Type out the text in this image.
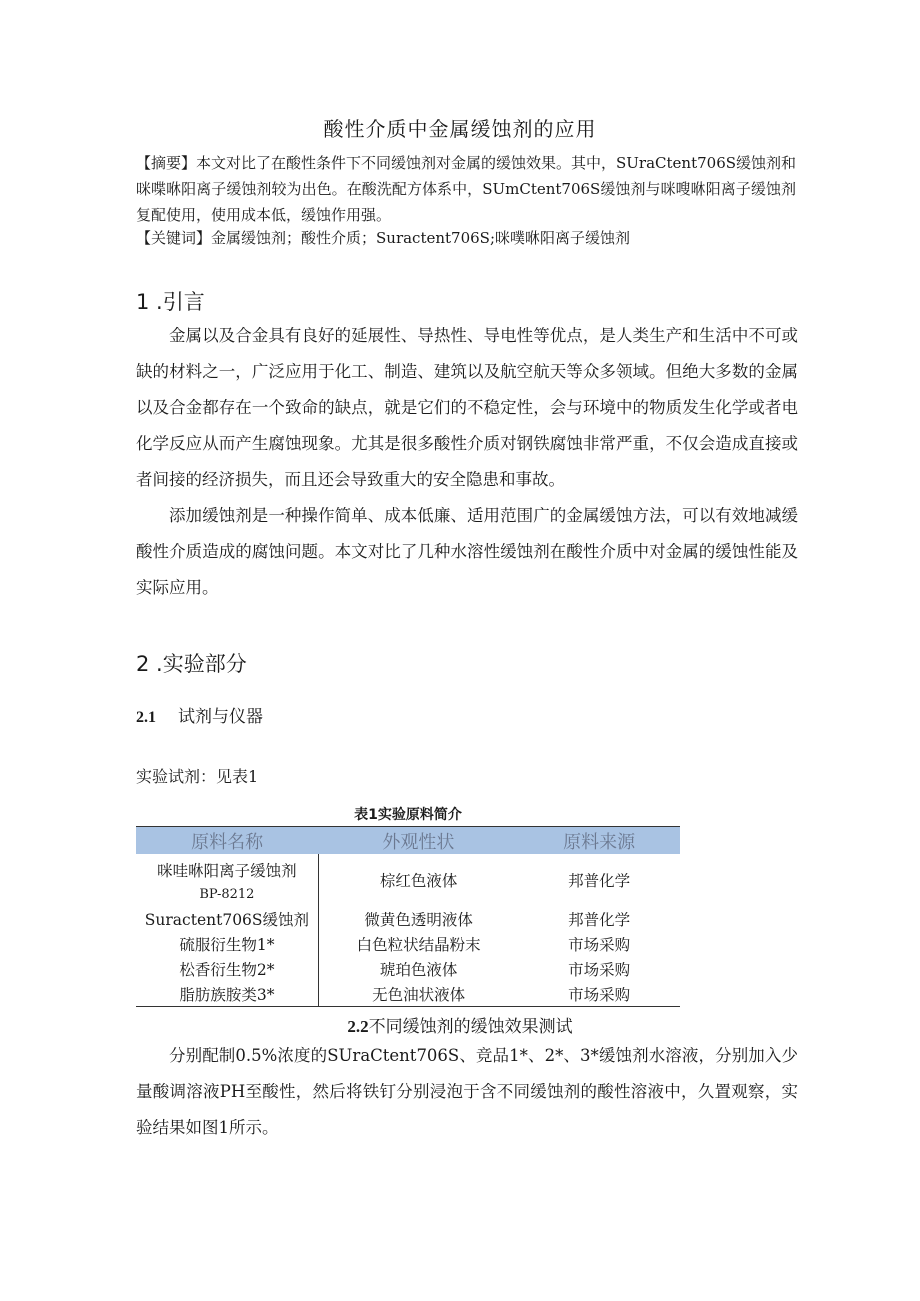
酸性介质中金属缓蚀剂的应用
【摘要】本文对比了在酸性条件下不同缓蚀剂对金属的缓蚀效果。其中，SUraCtent706S缓蚀剂和咪喋咻阳离子缓蚀剂较为出色。在酸洗配方体系中，SUmCtent706S缓蚀剂与咪嗖咻阳离子缓蚀剂复配使用，使用成本低，缓蚀作用强。
【关键词】金属缓蚀剂；酸性介质；Suractent706S;咪噗咻阳离子缓蚀剂
1 .引言
金属以及合金具有良好的延展性、导热性、导电性等优点，是人类生产和生活中不可或缺的材料之一，广泛应用于化工、制造、建筑以及航空航天等众多领域。但绝大多数的金属以及合金都存在一个致命的缺点，就是它们的不稳定性，会与环境中的物质发生化学或者电化学反应从而产生腐蚀现象。尤其是很多酸性介质对钢铁腐蚀非常严重，不仅会造成直接或者间接的经济损失，而且还会导致重大的安全隐患和事故。
添加缓蚀剂是一种操作简单、成本低廉、适用范围广的金属缓蚀方法，可以有效地减缓酸性介质造成的腐蚀问题。本文对比了几种水溶性缓蚀剂在酸性介质中对金属的缓蚀性能及实际应用。
2 .实验部分
2.1 试剂与仪器
实验试剂：见表1
表1实验原料简介
原料名称	外观性状	原料来源
咪哇咻阳离子缓蚀剂
BP-8212	棕红色液体	邦普化学
Suractent706S缓蚀剂	微黄色透明液体	邦普化学
硫服衍生物1*	白色粒状结晶粉末	市场采购
松香衍生物2*	琥珀色液体	市场采购
脂肪族胺类3*	无色油状液体	市场采购
2.2不同缓蚀剂的缓蚀效果测试
分别配制0.5%浓度的SUraCtent706S、竞品1*、2*、3*缓蚀剂水溶液，分别加入少量酸调溶液PH至酸性，然后将铁钉分别浸泡于含不同缓蚀剂的酸性溶液中，久置观察，实验结果如图1所示。
